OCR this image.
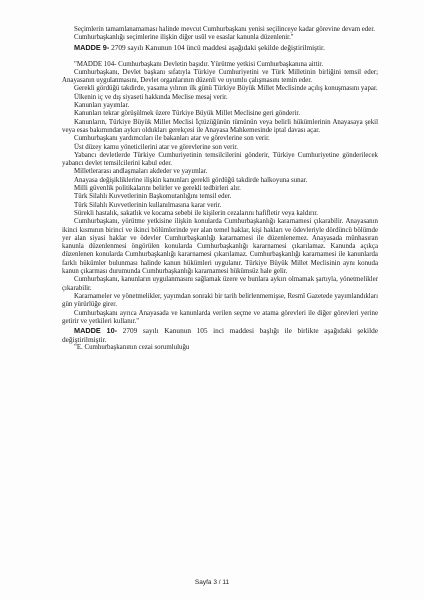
Seçimlerin tamamlanamaması halinde mevcut Cumhurbaşkanı yenisi seçilinceye kadar görevine devam eder.

Cumhurbaşkanlığı seçimlerine ilişkin diğer usûl ve esaslar kanunla düzenlenir."

MADDE 9- 2709 sayılı Kanunun 104 üncü maddesi aşağıdaki şekilde değiştirilmiştir.

"MADDE 104- Cumhurbaşkanı Devletin başıdır. Yürütme yetkisi Cumhurbaşkanına aittir.

Cumhurbaşkanı, Devlet başkanı sıfatıyla Türkiye Cumhuriyetini ve Türk Milletinin birliğini temsil eder; Anayasanın uygulanmasını, Devlet organlarının düzenli ve uyumlu çalışmasını temin eder.

Gerekli gördüğü takdirde, yasama yılının ilk günü Türkiye Büyük Millet Meclisinde açılış konuşmasını yapar.

Ülkenin iç ve dış siyaseti hakkında Meclise mesaj verir.

Kanunları yayımlar.

Kanunları tekrar görüşülmek üzere Türkiye Büyük Millet Meclisine geri gönderir.

Kanunların, Türkiye Büyük Millet Meclisi İçtüzüğünün tümünün veya belirli hükümlerinin Anayasaya şekil veya esas bakımından aykırı oldukları gerekçesi ile Anayasa Mahkemesinde iptal davası açar.

Cumhurbaşkanı yardımcıları ile bakanları atar ve görevlerine son verir.

Üst düzey kamu yöneticilerini atar ve görevlerine son verir.

Yabancı devletlerde Türkiye Cumhuriyetinin temsilcilerini gönderir, Türkiye Cumhuriyetine gönderilecek yabancı devlet temsilcilerini kabul eder.

Milletlerarası andlaşmaları akdeder ve yayımlar.

Anayasa değişikliklerine ilişkin kanunları gerekli gördüğü takdirde halkoyuna sunar.

Milli güvenlik politikalarını belirler ve gerekli tedbirleri alır.

Türk Silahlı Kuvvetlerinin Başkomutanlığını temsil eder.

Türk Silahlı Kuvvetlerinin kullanılmasına karar verir.

Sürekli hastalık, sakatlık ve kocama sebebi ile kişilerin cezalarını hafifletir veya kaldırır.

Cumhurbaşkanı, yürütme yetkisine ilişkin konularda Cumhurbaşkanlığı kararnamesi çıkarabilir. Anayasanın ikinci kısmının birinci ve ikinci bölümlerinde yer alan temel haklar, kişi hakları ve ödevleriyle dördüncü bölümde yer alan siyasi haklar ve ödevler Cumhurbaşkanlığı kararnamesi ile düzenlenemez. Anayasada münhasıran kanunla düzenlenmesi öngörülen konularda Cumhurbaşkanlığı kararnamesi çıkarılamaz. Kanunda açıkça düzenlenen konularda Cumhurbaşkanlığı kararnamesi çıkarılamaz. Cumhurbaşkanlığı kararnamesi ile kanunlarda farklı hükümler bulunması halinde kanun hükümleri uygulanır. Türkiye Büyük Millet Meclisinin aynı konuda kanun çıkarması durumunda Cumhurbaşkanlığı kararnamesi hükümsüz hale gelir.

Cumhurbaşkanı, kanunların uygulanmasını sağlamak üzere ve bunlara aykırı olmamak şartıyla, yönetmelikler çıkarabilir.

Kararnameler ve yönetmelikler, yayımdan sonraki bir tarih belirlenmemişse, Resmî Gazetede yayımlandıkları gün yürürlüğe girer.

Cumhurbaşkanı ayrıca Anayasada ve kanunlarda verilen seçme ve atama görevleri ile diğer görevleri yerine getirir ve yetkileri kullanır."

MADDE 10- 2709 sayılı Kanunun 105 inci maddesi başlığı ile birlikte aşağıdaki şekilde değiştirilmiştir.

"E. Cumhurbaşkanının cezai sorumluluğu

Sayfa 3 / 11
